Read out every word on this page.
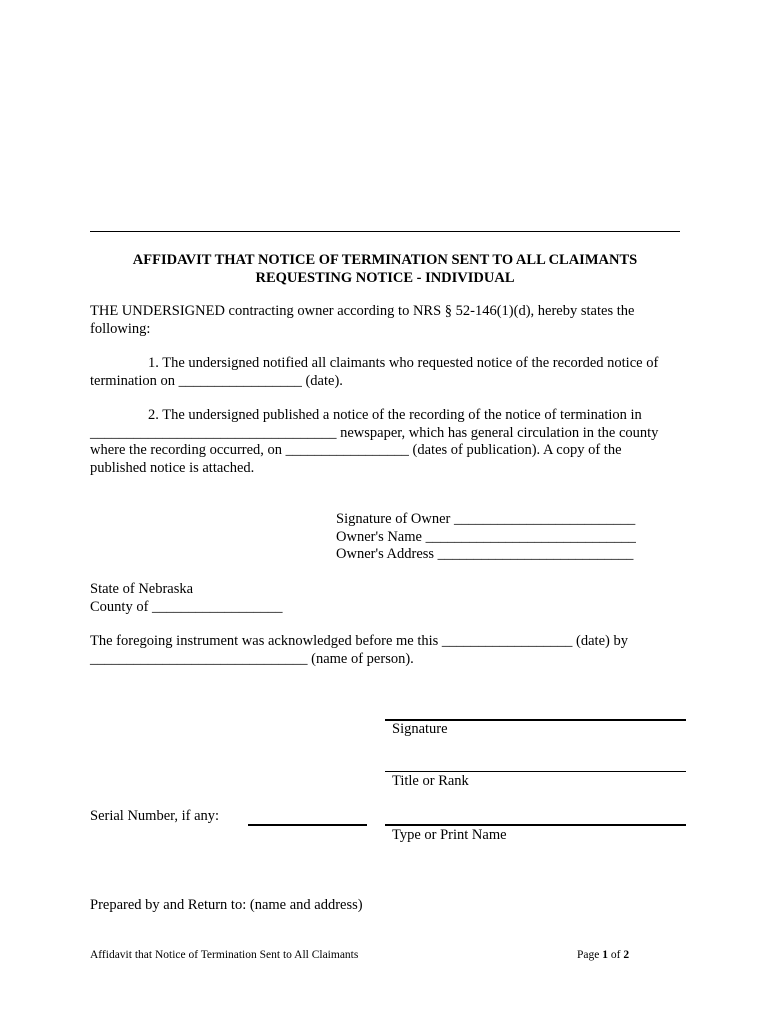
AFFIDAVIT THAT NOTICE OF TERMINATION SENT TO ALL CLAIMANTS
REQUESTING NOTICE - INDIVIDUAL
THE UNDERSIGNED contracting owner according to NRS § 52-146(1)(d), hereby states the following:
1. The undersigned notified all claimants who requested notice of the recorded notice of termination on _________________ (date).
2. The undersigned published a notice of the recording of the notice of termination in __________________________________ newspaper, which has general circulation in the county where the recording occurred, on _________________ (dates of publication). A copy of the published notice is attached.
Signature of Owner _________________________
Owner's Name _____________________________
Owner's Address ___________________________
State of Nebraska
County of __________________
The foregoing instrument was acknowledged before me this __________________ (date) by ______________________________ (name of person).
Signature
Title or Rank
Serial Number, if any:
Type or Print Name
Prepared by and Return to: (name and address)
Affidavit that Notice of Termination Sent to All Claimants	Page 1 of 2
